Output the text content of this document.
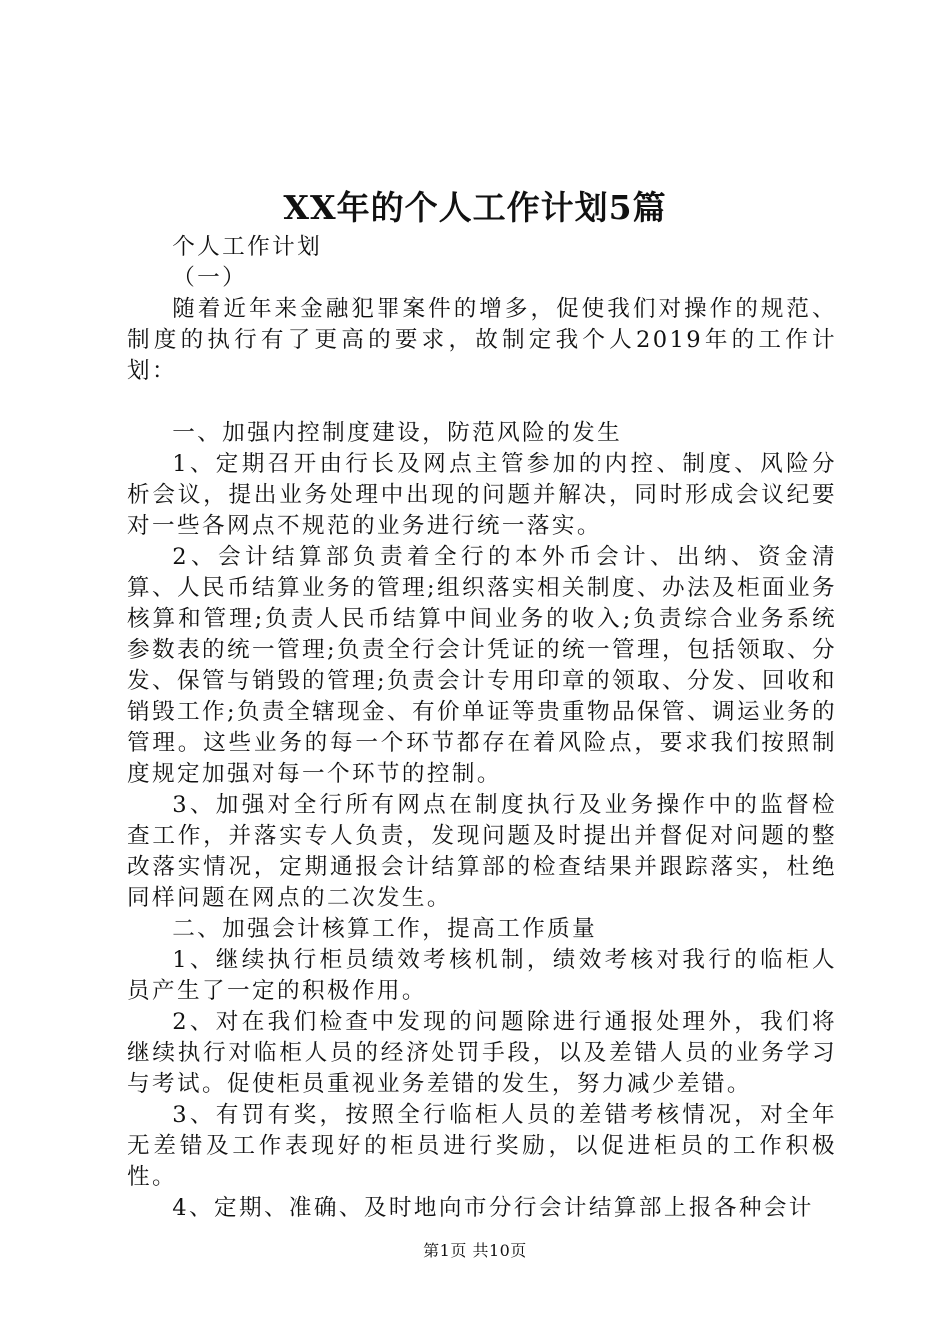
XX年的个人工作计划5篇

个人工作计划

（一）

随着近年来金融犯罪案件的增多，促使我们对操作的规范、制度的执行有了更高的要求，故制定我个人2019年的工作计划：

一、加强内控制度建设，防范风险的发生

1、定期召开由行长及网点主管参加的内控、制度、风险分析会议，提出业务处理中出现的问题并解决，同时形成会议纪要对一些各网点不规范的业务进行统一落实。

2、会计结算部负责着全行的本外币会计、出纳、资金清算、人民币结算业务的管理;组织落实相关制度、办法及柜面业务核算和管理;负责人民币结算中间业务的收入;负责综合业务系统参数表的统一管理;负责全行会计凭证的统一管理，包括领取、分发、保管与销毁的管理;负责会计专用印章的领取、分发、回收和销毁工作;负责全辖现金、有价单证等贵重物品保管、调运业务的管理。这些业务的每一个环节都存在着风险点，要求我们按照制度规定加强对每一个环节的控制。

3、加强对全行所有网点在制度执行及业务操作中的监督检查工作，并落实专人负责，发现问题及时提出并督促对问题的整改落实情况，定期通报会计结算部的检查结果并跟踪落实，杜绝同样问题在网点的二次发生。

二、加强会计核算工作，提高工作质量

1、继续执行柜员绩效考核机制，绩效考核对我行的临柜人员产生了一定的积极作用。

2、对在我们检查中发现的问题除进行通报处理外，我们将继续执行对临柜人员的经济处罚手段，以及差错人员的业务学习与考试。促使柜员重视业务差错的发生，努力减少差错。

3、有罚有奖，按照全行临柜人员的差错考核情况，对全年无差错及工作表现好的柜员进行奖励，以促进柜员的工作积极性。

4、定期、准确、及时地向市分行会计结算部上报各种会计

第1页 共10页
